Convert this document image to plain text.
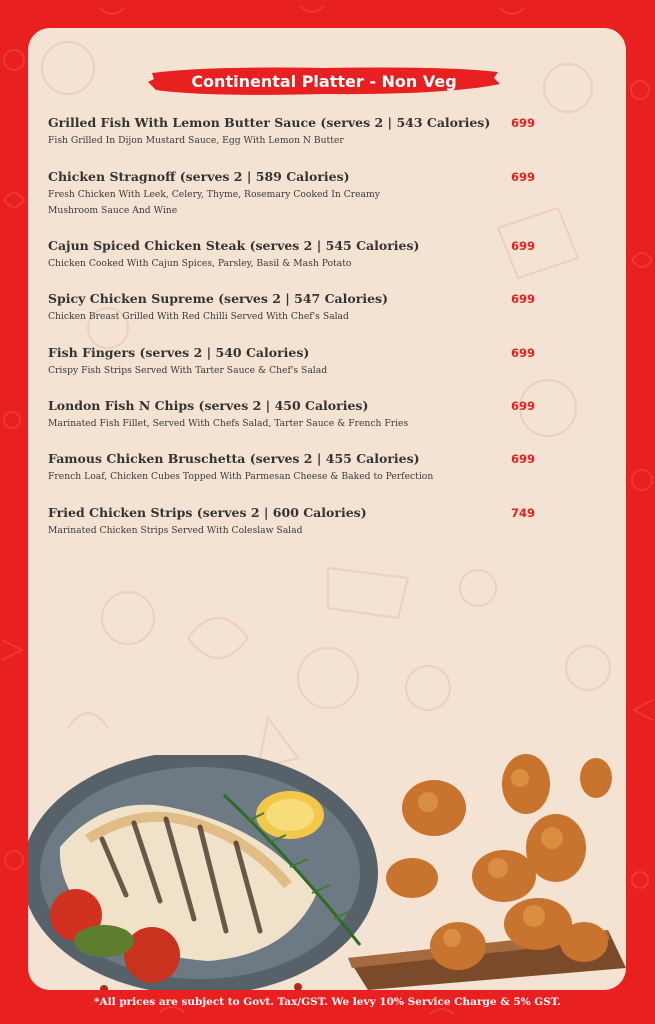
Continental Platter - Non Veg
Grilled Fish With Lemon Butter Sauce (serves 2 | 543 Calories)
Fish Grilled In Dijon Mustard Sauce, Egg With Lemon N Butter
699
Chicken Stragnoff (serves 2 | 589 Calories)
Fresh Chicken With Leek, Celery, Thyme, Rosemary Cooked In Creamy Mushroom Sauce And Wine
699
Cajun Spiced Chicken Steak (serves 2 | 545 Calories)
Chicken Cooked With Cajun Spices, Parsley, Basil & Mash Potato
699
Spicy Chicken Supreme (serves 2 | 547 Calories)
Chicken Breast Grilled With Red Chilli Served With Chef's Salad
699
Fish Fingers (serves 2 | 540 Calories)
Crispy Fish Strips Served With Tarter Sauce & Chef's Salad
699
London Fish N Chips (serves 2 | 450 Calories)
Marinated Fish Fillet, Served With Chefs Salad, Tarter Sauce & French Fries
699
Famous Chicken Bruschetta (serves 2 | 455 Calories)
French Loaf, Chicken Cubes Topped With Parmesan Cheese & Baked to Perfection
699
Fried Chicken Strips (serves 2 | 600 Calories)
Marinated Chicken Strips Served With Coleslaw Salad
749
*All prices are subject to Govt. Tax/GST. We levy 10% Service Charge & 5% GST.
